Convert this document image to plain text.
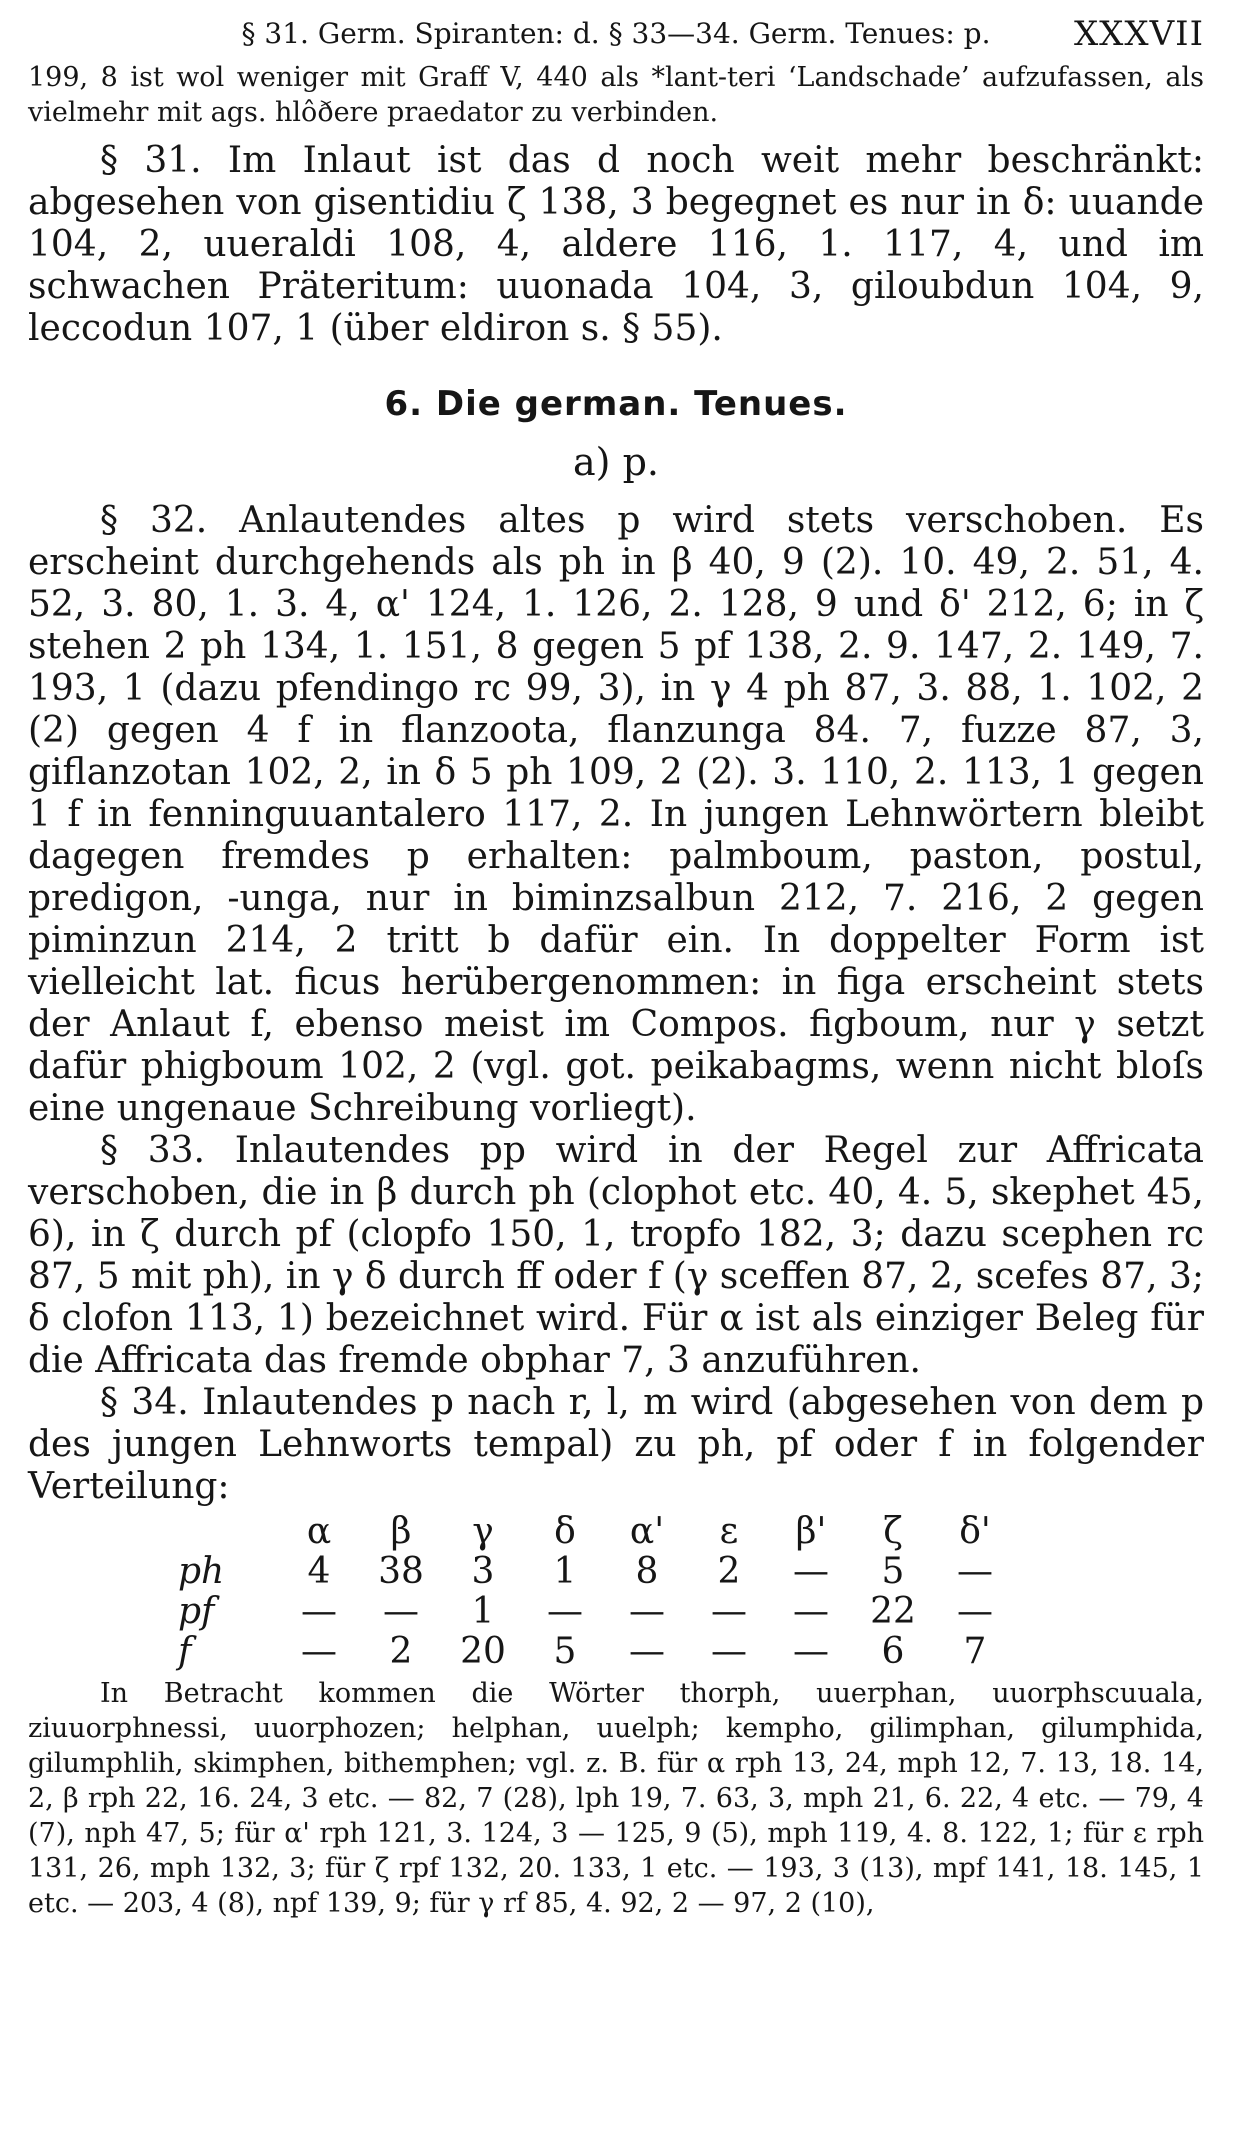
§ 31. Germ. Spiranten: d. § 33—34. Germ. Tenues: p. XXXVII

199, 8 ist wol weniger mit Graff V, 440 als *lant-teri ‘Landschade’ aufzufassen, als vielmehr mit ags. hlôðere praedator zu verbinden.

§ 31. Im Inlaut ist das d noch weit mehr beschränkt: abgesehen von gisentidiu ζ 138, 3 begegnet es nur in δ: uuande 104, 2, uueraldi 108, 4, aldere 116, 1. 117, 4, und im schwachen Präteritum: uuonada 104, 3, giloubdun 104, 9, leccodun 107, 1 (über eldiron s. § 55).

6. Die german. Tenues.
a) p.

§ 32. Anlautendes altes p wird stets verschoben. Es erscheint durchgehends als ph in β 40, 9 (2). 10. 49, 2. 51, 4. 52, 3. 80, 1. 3. 4, α' 124, 1. 126, 2. 128, 9 und δ' 212, 6; in ζ stehen 2 ph 134, 1. 151, 8 gegen 5 pf 138, 2. 9. 147, 2. 149, 7. 193, 1 (dazu pfendingo rc 99, 3), in γ 4 ph 87, 3. 88, 1. 102, 2 (2) gegen 4 f in flanzoota, flanzunga 84. 7, fuzze 87, 3, giflanzotan 102, 2, in δ 5 ph 109, 2 (2). 3. 110, 2. 113, 1 gegen 1 f in fenninguuantalero 117, 2. In jungen Lehnwörtern bleibt dagegen fremdes p erhalten: palmboum, paston, postul, predigon, -unga, nur in biminzsalbun 212, 7. 216, 2 gegen piminzun 214, 2 tritt b dafür ein. In doppelter Form ist vielleicht lat. ficus herübergenommen: in figa erscheint stets der Anlaut f, ebenso meist im Compos. figboum, nur γ setzt dafür phigboum 102, 2 (vgl. got. peikabagms, wenn nicht bloſs eine ungenaue Schreibung vorliegt).

§ 33. Inlautendes pp wird in der Regel zur Affricata verschoben, die in β durch ph (clophot etc. 40, 4. 5, skephet 45, 6), in ζ durch pf (clopfo 150, 1, tropfo 182, 3; dazu scephen rc 87, 5 mit ph), in γ δ durch ff oder f (γ sceffen 87, 2, scefes 87, 3; δ clofon 113, 1) bezeichnet wird. Für α ist als einziger Beleg für die Affricata das fremde obphar 7, 3 anzuführen.

§ 34. Inlautendes p nach r, l, m wird (abgesehen von dem p des jungen Lehnworts tempal) zu ph, pf oder f in folgender Verteilung:

	α	β	γ	δ	α'	ε	β'	ζ	δ'
ph	4	38	3	1	8	2	—	5	—
pf	—	—	1	—	—	—	—	22	—
f	—	2	20	5	—	—	—	6	7

In Betracht kommen die Wörter thorph, uuerphan, uuorphscuuala, ziuuorphnessi, uuorphozen; helphan, uuelph; kempho, gilimphan, gilumphida, gilumphlih, skimphen, bithemphen; vgl. z. B. für α rph 13, 24, mph 12, 7. 13, 18. 14, 2, β rph 22, 16. 24, 3 etc. — 82, 7 (28), lph 19, 7. 63, 3, mph 21, 6. 22, 4 etc. — 79, 4 (7), nph 47, 5; für α' rph 121, 3. 124, 3 — 125, 9 (5), mph 119, 4. 8. 122, 1; für ε rph 131, 26, mph 132, 3; für ζ rpf 132, 20. 133, 1 etc. — 193, 3 (13), mpf 141, 18. 145, 1 etc. — 203, 4 (8), npf 139, 9; für γ rf 85, 4. 92, 2 — 97, 2 (10),
